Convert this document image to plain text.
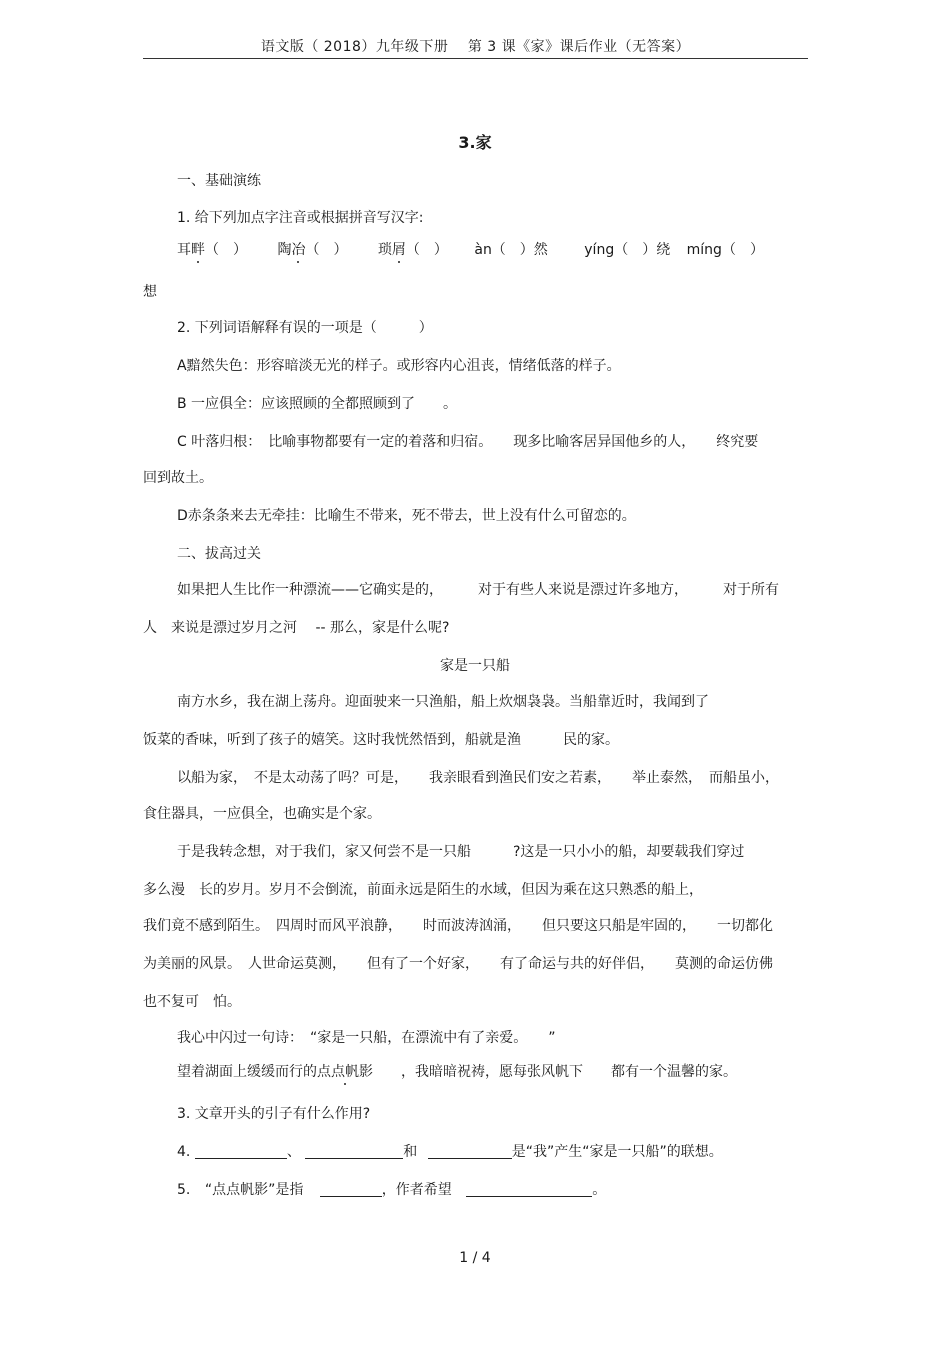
语文版（ 2018）九年级下册　 第 3 课《家》课后作业（无答案）
3.家
一、基础演练
1. 给下列加点字注音或根据拼音写汉字:
耳畔（　） 陶冶（　） 琐屑（　） àn（　）然	yíng（　）绕 míng（　）
想
2. 下列词语解释有误的一项是（　　　）
A黯然失色：形容暗淡无光的样子。或形容内心沮丧，情绪低落的样子。
B 一应俱全：应该照顾的全都照顾到了　　。
C 叶落归根：　比喻事物都要有一定的着落和归宿。　　现多比喻客居异国他乡的人，　　终究要
回到故土。
D赤条条来去无牵挂：比喻生不带来，死不带去，世上没有什么可留恋的。
二、拔高过关
如果把人生比作一种漂流——它确实是的，　　　对于有些人来说是漂过许多地方，　　　对于所有
人　来说是漂过岁月之河　 -- 那么，家是什么呢?
家是一只船
南方水乡，我在湖上荡舟。迎面驶来一只渔船，船上炊烟袅袅。当船靠近时，我闻到了
饭菜的香味，听到了孩子的嬉笑。这时我恍然悟到，船就是渔　　　民的家。
以船为家，　不是太动荡了吗？可是，　　我亲眼看到渔民们安之若素，　　举止泰然，　而船虽小，
食住器具，一应俱全，也确实是个家。
于是我转念想，对于我们，家又何尝不是一只船　　　?这是一只小小的船，却要载我们穿过
多么漫　长的岁月。岁月不会倒流，前面永远是陌生的水域，但因为乘在这只熟悉的船上，
我们竟不感到陌生。　四周时而风平浪静，　　时而波涛汹涌，　　但只要这只船是牢固的，　　一切都化
为美丽的风景。　人世命运莫测，　　但有了一个好家，　　有了命运与共的好伴侣，　　莫测的命运仿佛
也不复可　怕。
我心中闪过一句诗：　“家是一只船，在漂流中有了亲爱。　　”
望着湖面上缓缓而行的点点帆影　　，我暗暗祝祷，愿每张风帆下　　都有一个温馨的家。
3. 文章开头的引子有什么作用?
4.	、	和	是“我”产生“家是一只船”的联想。
5. “点点帆影”是指	，作者希望	。
1 / 4
